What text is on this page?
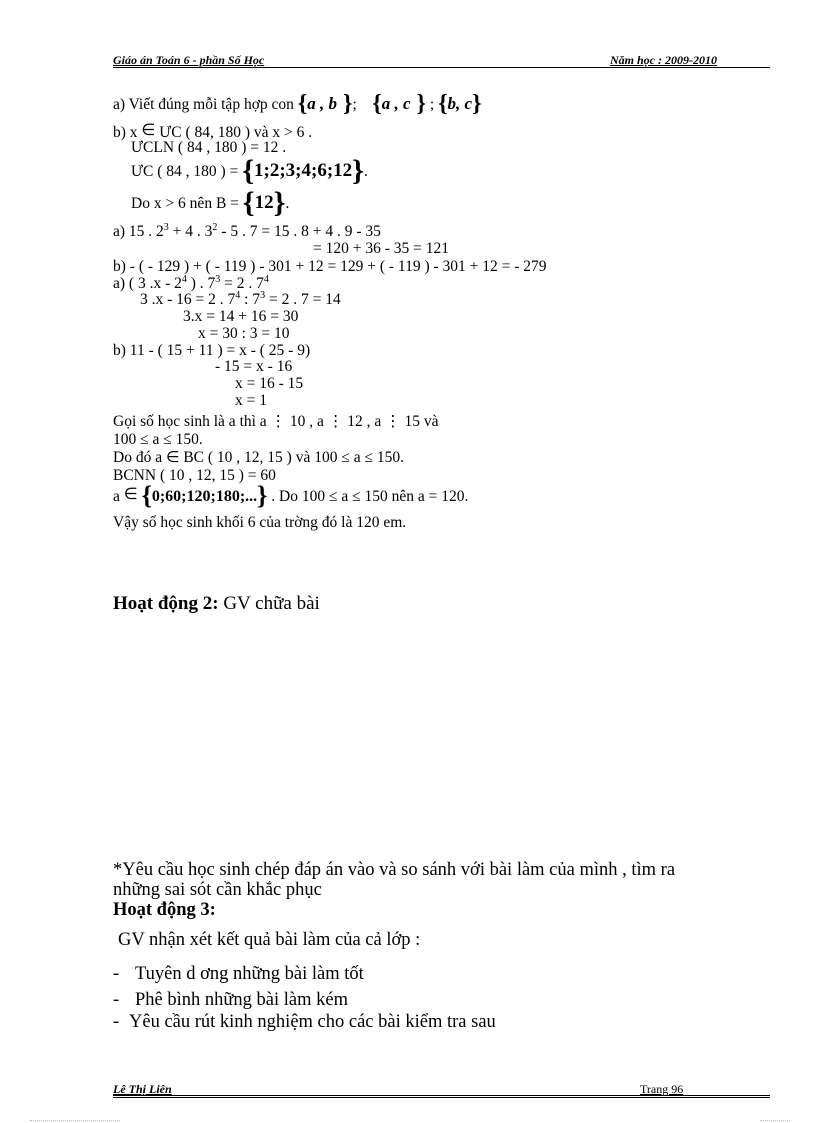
Giáo án Toán 6 - phần Số Học	Năm học : 2009-2010
a) Viết đúng mỗi tập hợp con {a , b };    {a , c } ; {b, c}
b) x ∈ ƯC ( 84, 180 ) và x > 6 .
ƯCLN ( 84 , 180 ) = 12 .
ƯC ( 84 , 180 ) = {1;2;3;4;6;12}.
Do x > 6 nên B = {12}.
a) 15 . $2^3 + 4$ . $3^2 - 5$ . 7 = 15 . 8 + 4 . 9 - 35
= 120 + 36 - 35 = 121
b) - ( - 129 ) + ( - 119 ) - 301 + 12 = 129 + ( - 119 ) - 301 + 12 = - 279
a) ( 3 .x - $2^4$ ) . $7^3 = 2$ . $7^4$
3 .x - 16 = 2 . $7^4$ : $7^3 = 2$ . 7 = 14
3.x = 14 + 16 = 30
x = 30 : 3 = 10
b) 11 - ( 15 + 11 ) = x - ( 25 - 9)
- 15 = x - 16
x = 16 - 15
x = 1
Gọi số học sinh là a thì a ⋮ 10 , a ⋮ 12 , a ⋮ 15 và
100 ≤ a ≤ 150.
Do đó a ∈ BC ( 10 , 12, 15 ) và 100 ≤ a ≤ 150.
BCNN ( 10 , 12, 15 ) = 60
a ∈ {0;60;120;180;...} . Do 100 ≤ a ≤ 150 nên a = 120.
Vậy số học sinh khối 6 của trờng đó là 120 em.
Hoạt động 2: GV chữa bài
*Yêu cầu học sinh chép đáp án vào và so sánh với bài làm của mình , tìm ra
những sai sót cần khắc phục
Hoạt động 3:
GV nhận xét kết quả bài làm của cả lớp :
- Tuyên d ơng những bài làm tốt
- Phê bình những bài làm kém
- Yêu cầu rút kinh nghiệm cho các bài kiểm tra sau
Lê Thị Liên	Trang 96
